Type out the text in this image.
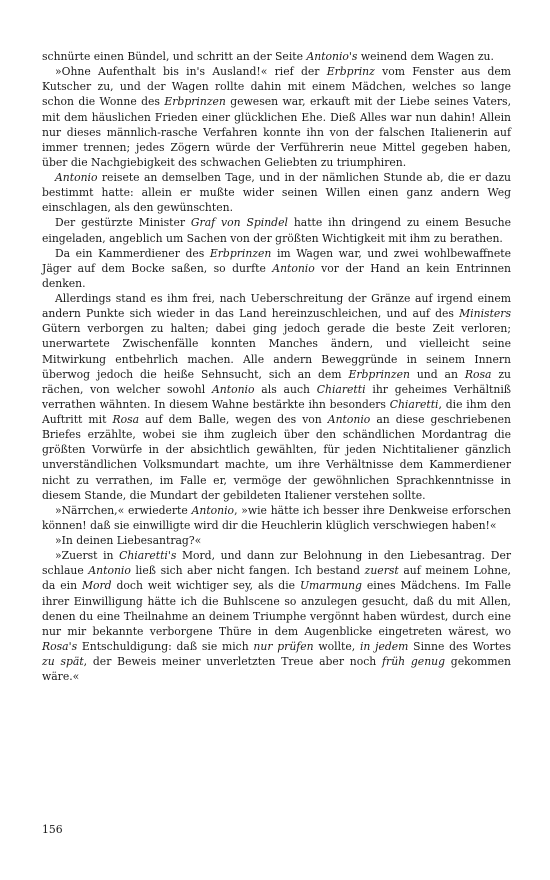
schnürte einen Bündel, und schritt an der Seite Antonio's weinend dem Wagen zu.

»Ohne Aufenthalt bis in's Ausland!« rief der Erbprinz vom Fenster aus dem Kutscher zu, und der Wagen rollte dahin mit einem Mädchen, welches so lange schon die Wonne des Erbprinzen gewesen war, erkauft mit der Liebe seines Vaters, mit dem häuslichen Frieden einer glücklichen Ehe. Dieß Alles war nun dahin! Allein nur dieses männlich-rasche Verfahren konnte ihn von der falschen Italienerin auf immer trennen; jedes Zögern würde der Verführerin neue Mittel gegeben haben, über die Nachgiebigkeit des schwachen Geliebten zu triumphiren.

Antonio reisete an demselben Tage, und in der nämlichen Stunde ab, die er dazu bestimmt hatte: allein er mußte wider seinen Willen einen ganz andern Weg einschlagen, als den gewünschten.

Der gestürzte Minister Graf von Spindel hatte ihn dringend zu einem Besuche eingeladen, angeblich um Sachen von der größten Wichtigkeit mit ihm zu berathen.

Da ein Kammerdiener des Erbprinzen im Wagen war, und zwei wohlbewaffnete Jäger auf dem Bocke saßen, so durfte Antonio vor der Hand an kein Entrinnen denken.

Allerdings stand es ihm frei, nach Ueberschreitung der Gränze auf irgend einem andern Punkte sich wieder in das Land hereinzuschleichen, und auf des Ministers Gütern verborgen zu halten; dabei ging jedoch gerade die beste Zeit verloren; unerwartete Zwischenfälle konnten Manches ändern, und vielleicht seine Mitwirkung entbehrlich machen. Alle andern Beweggründe in seinem Innern überwog jedoch die heiße Sehnsucht, sich an dem Erbprinzen und an Rosa zu rächen, von welcher sowohl Antonio als auch Chiaretti ihr geheimes Verhältniß verrathen wähnten. In diesem Wahne bestärkte ihn besonders Chiaretti, die ihm den Auftritt mit Rosa auf dem Balle, wegen des von Antonio an diese geschriebenen Briefes erzählte, wobei sie ihm zugleich über den schändlichen Mordantrag die größten Vorwürfe in der absichtlich gewählten, für jeden Nichtitaliener gänzlich unverständlichen Volksmundart machte, um ihre Verhältnisse dem Kammerdiener nicht zu verrathen, im Falle er, vermöge der gewöhnlichen Sprachkenntnisse in diesem Stande, die Mundart der gebildeten Italiener verstehen sollte.

»Närrchen,« erwiederte Antonio, »wie hätte ich besser ihre Denkweise erforschen können! daß sie einwilligte wird dir die Heuchlerin klüglich verschwiegen haben!«

»In deinen Liebesantrag?«

»Zuerst in Chiaretti's Mord, und dann zur Belohnung in den Liebesantrag. Der schlaue Antonio ließ sich aber nicht fangen. Ich bestand zuerst auf meinem Lohne, da ein Mord doch weit wichtiger sey, als die Umarmung eines Mädchens. Im Falle ihrer Einwilligung hätte ich die Buhlscene so anzulegen gesucht, daß du mit Allen, denen du eine Theilnahme an deinem Triumphe vergönnt haben würdest, durch eine nur mir bekannte verborgene Thüre in dem Augenblicke eingetreten wärest, wo Rosa's Entschuldigung: daß sie mich nur prüfen wollte, in jedem Sinne des Wortes zu spät, der Beweis meiner unverletzten Treue aber noch früh genug gekommen wäre.«

156
